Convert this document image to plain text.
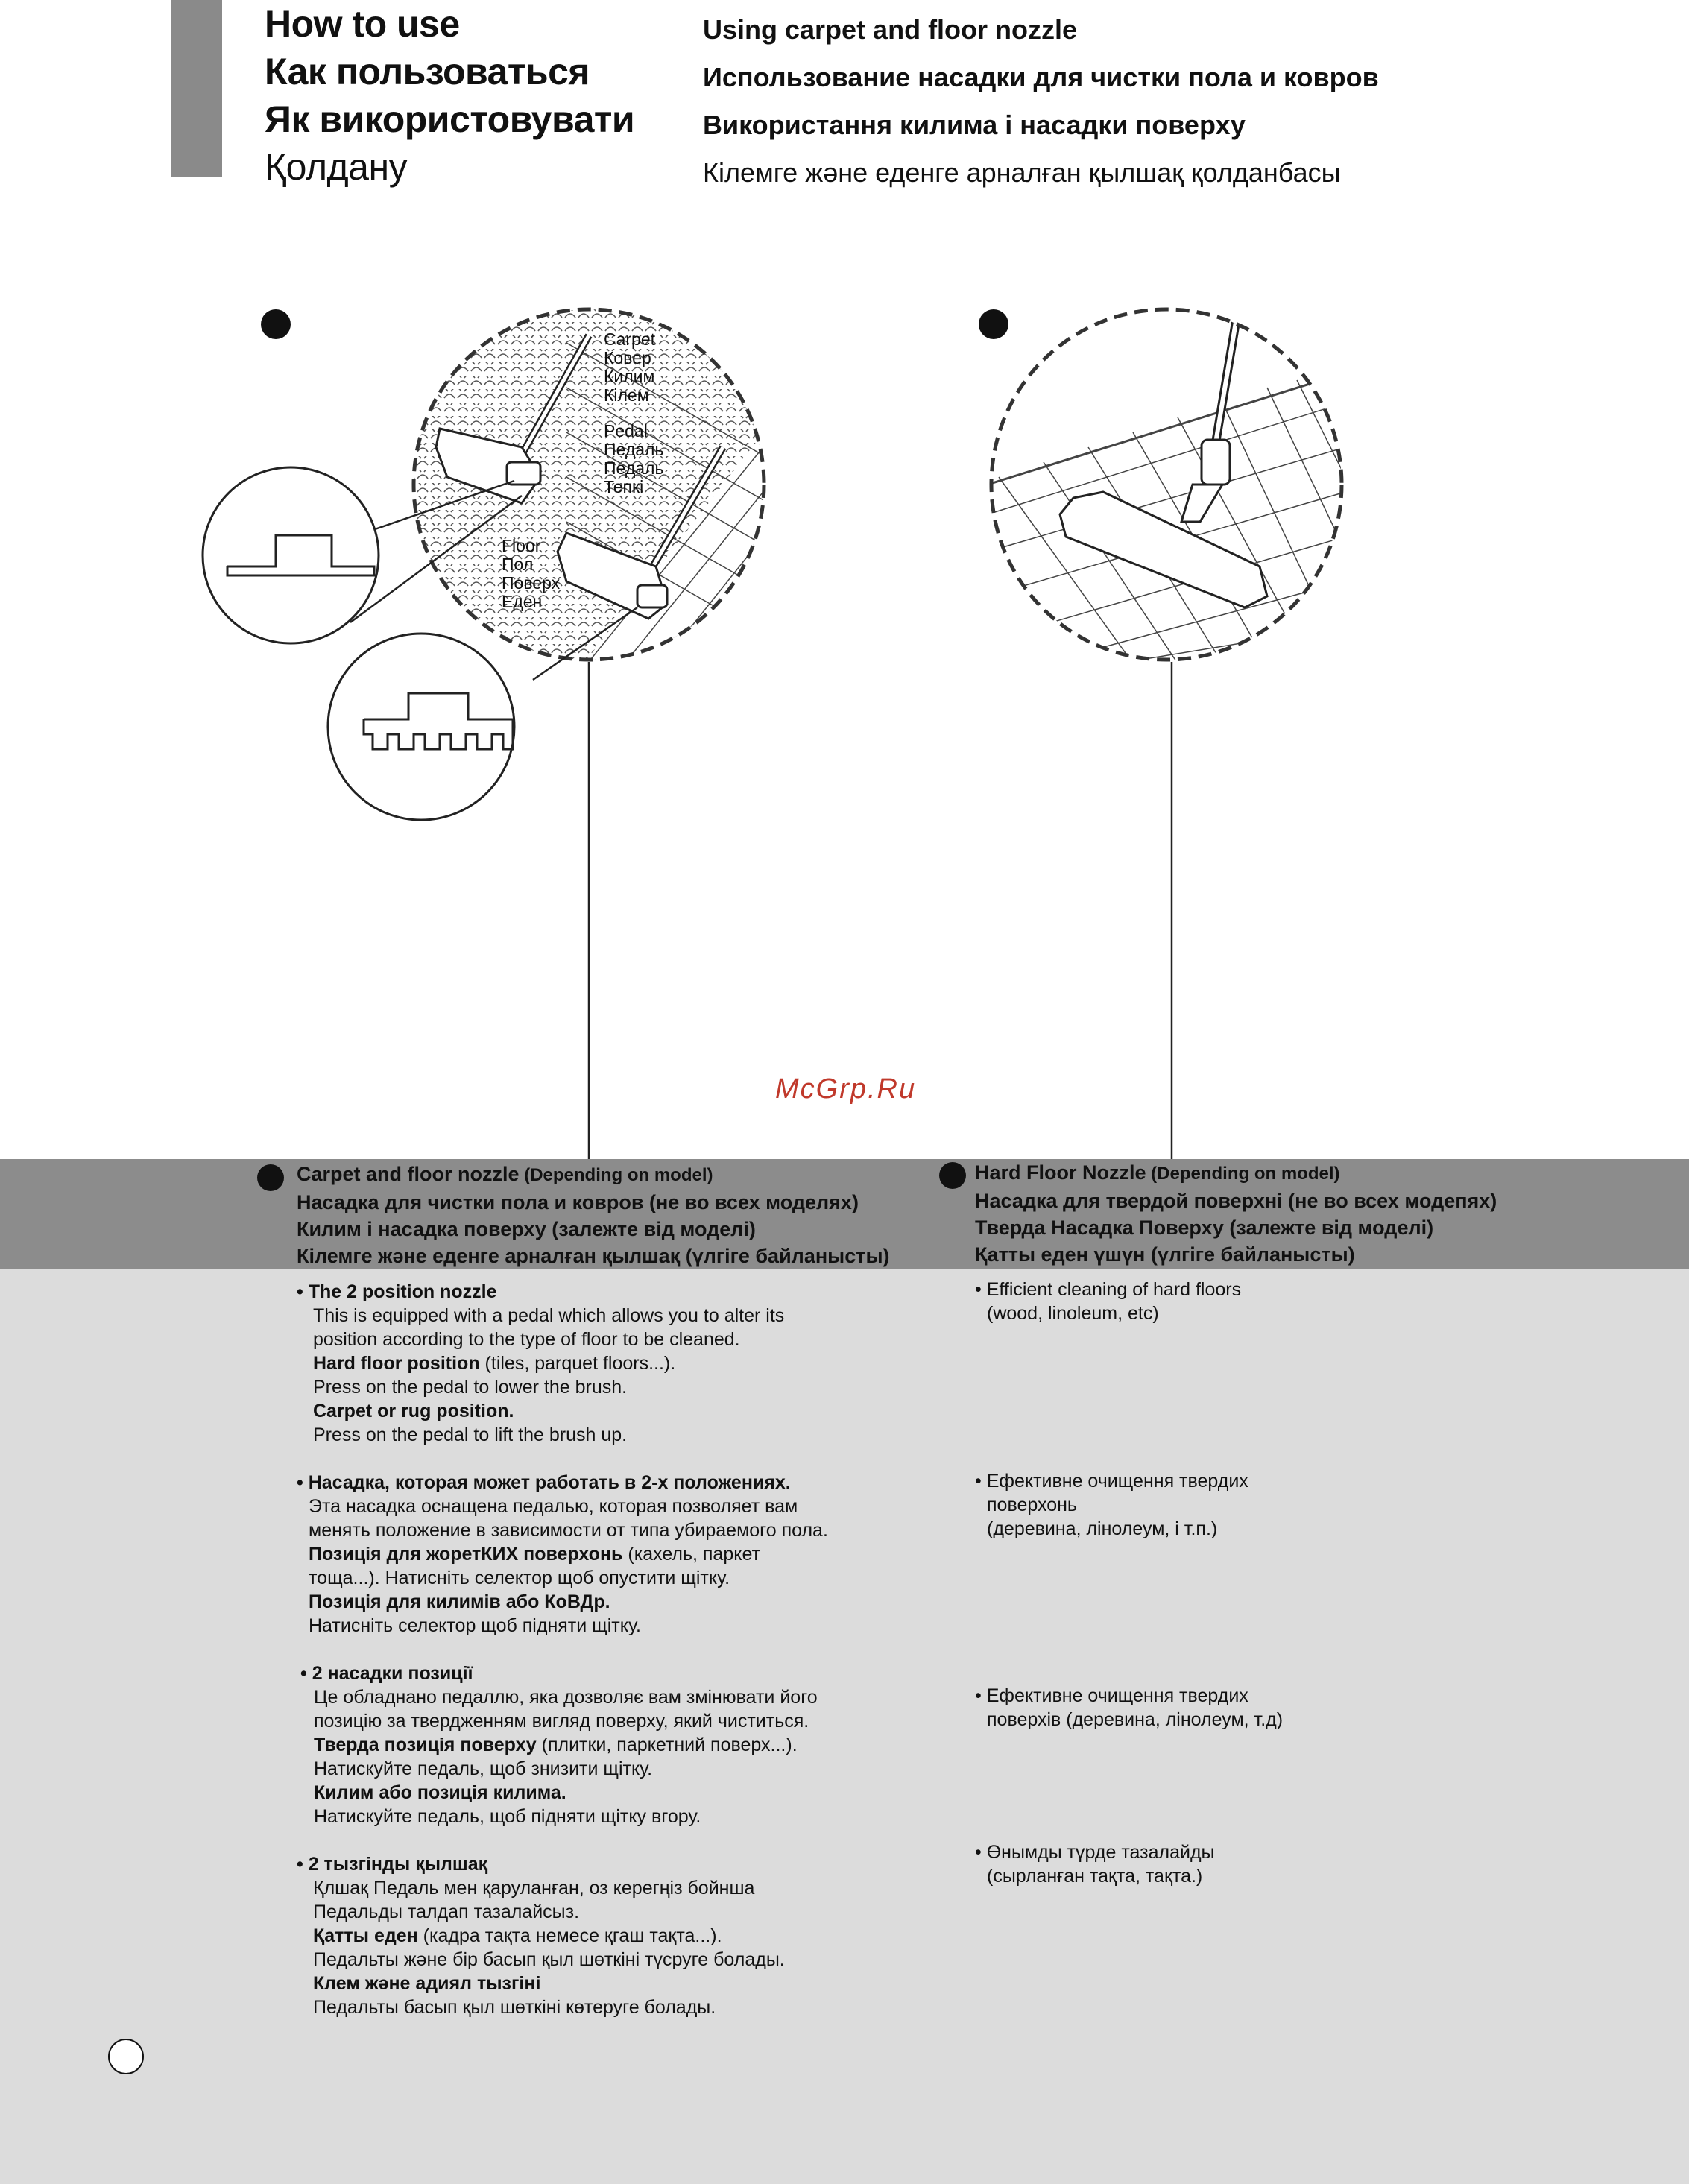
How to use
Как пользоваться
Як використовувати
Қолдану
Using carpet and floor nozzle
Использование насадки для чистки пола и ковров
Використання килима і насадки поверху
Кілемге және еденге арналған қылшақ қолданбасы
Carpet
Ковер
Килим
Кілем
Pedal
Педаль
Педаль
Тепкі
Floor
Пол
Поверх
Еден
McGrp.Ru
Carpet and floor nozzle (Depending on model)
Насадка для чистки пола и ковров (не во всех моделях)
Килим і насадка поверху (залежте від моделі)
Кілемге және еденге арналған қылшақ (үлгіге байланысты)
Hard Floor Nozzle (Depending on model)
Насадка для твердой поверхні (не во всех модепях)
Тверда Насадка Поверху (залежте від моделі)
Қатты еден үшүн (үлгіге байланысты)
• The 2 position nozzle
This is equipped with a pedal which allows you to alter its
position according to the type of floor to be cleaned.
Hard floor position (tiles, parquet floors...).
Press on the pedal to lower the brush.
Carpet or rug position.
Press on the pedal to lift the brush up.
• Насадка, которая может работать в 2-х положениях.
Эта насадка оснащена педалью, которая позволяет вам
менять положение в зависимости от типа убираемого пола.
Позиція для жоретКИХ поверхонь (кахель, паркет
тоща...). Натисніть селектор щоб опустити щітку.
Позиція для килимів або КоВДр.
Натисніть селектор щоб підняти щітку.
• 2 насадки позиції
Це обладнано педаллю, яка дозволяє вам змінювати його
позицію за твердженням вигляд поверху, який чиститься.
Тверда позиція поверху (плитки, паркетний поверх...).
Натискуйте педаль, щоб знизити щітку.
Килим або позиція килима.
Натискуйте педаль, щоб підняти щітку вгору.
• 2 тызгінды қылшақ
Қлшақ Педаль мен қаруланған, оз керегңіз бойнша
Педальды талдап тазалайсыз.
Қатты еден (кадра тақта немесе қгаш тақта...).
Педальты және бір басып қыл шөткіні түсруге болады.
Клем және адиял тызгіні
Педальты басып қыл шөткіні көтеруге болады.
• Efficient cleaning of hard floors
(wood, linoleum, etc)
• Ефективне очищення твердих
поверхонь
(деревина, лінолеум, і т.п.)
• Ефективне очищення твердих
поверхів (деревина, лінолеум, т.д)
• Өнымды түрде тазалайды
(сырланған тақта, тақта.)
